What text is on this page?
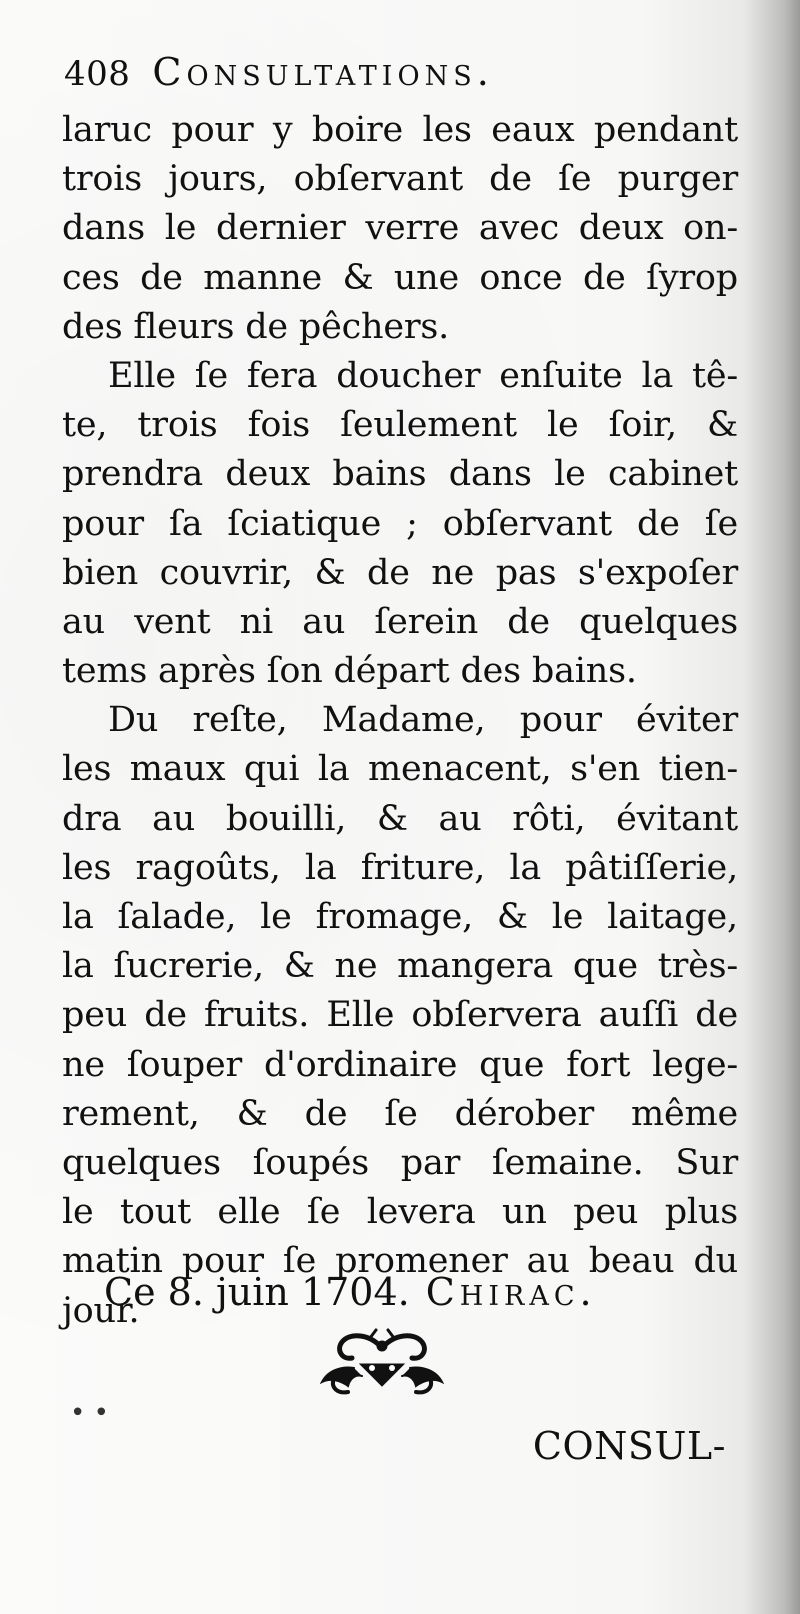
408 Consultations.
laruc pour y boire les eaux pendant
trois jours, obſervant de ſe purger
dans le dernier verre avec deux on-
ces de manne & une once de ſyrop
des fleurs de pêchers.
Elle ſe fera doucher enſuite la tê-
te, trois fois ſeulement le ſoir, &
prendra deux bains dans le cabinet
pour ſa ſciatique ; obſervant de ſe
bien couvrir, & de ne pas s'expoſer
au vent ni au ſerein de quelques
tems après ſon départ des bains.
Du reſte, Madame, pour éviter
les maux qui la menacent, s'en tien-
dra au bouilli, & au rôti, évitant
les ragoûts, la friture, la pâtiſſerie,
la ſalade, le fromage, & le laitage,
la ſucrerie, & ne mangera que très-
peu de fruits. Elle obſervera auſſi de
ne ſouper d'ordinaire que fort lege-
rement, & de ſe dérober même
quelques ſoupés par ſemaine. Sur
le tout elle ſe levera un peu plus
matin pour ſe promener au beau du
jour.
Ce 8. juin 1704. Chirac.
• •
CONSUL-
